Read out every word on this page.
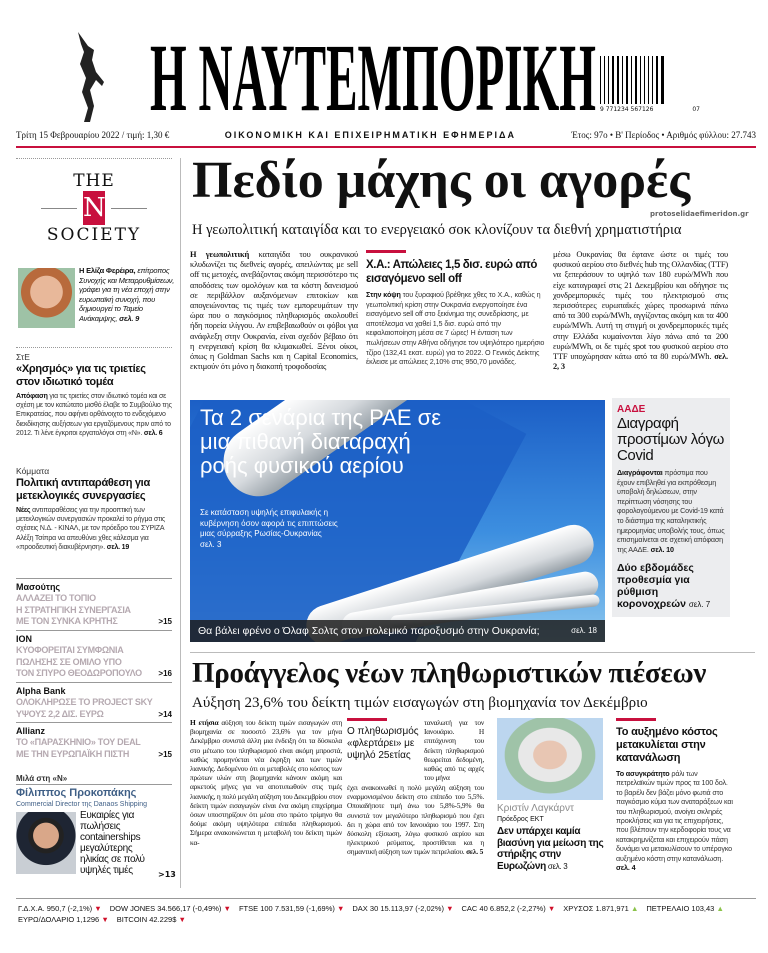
Η ΝΑΥΤΕΜΠΟΡΙΚΗ 9 771234 567126	07
Τρίτη 15 Φεβρουαρίου 2022 / τιμή: 1,30 €	ΟΙΚΟΝΟΜΙΚΗ ΚΑΙ ΕΠΙΧΕΙΡΗΜΑΤΙΚΗ ΕΦΗΜΕΡΙΔΑ	Έτος: 97ο • Β' Περίοδος • Αριθμός φύλλου: 27.743
THE
N
SOCIETY
Η Ελίζα Φερέιρα, επίτροπος Συνοχής και Μεταρρυθμίσεων, γράφει για τη νέα εποχή στην ευρωπαϊκή συνοχή, που δημιουργεί το Ταμείο Ανάκαμψης, σελ. 9
ΣτΕ
«Χρησμός» για τις τριετίες στον ιδιωτικό τομέα
Απόφαση για τις τριετίες στον ιδιωτικό τομέα και σε σχέση με τον κατώτατο μισθό έλαβε το Συμβούλιο της Επικρατείας, που αφήνει ορθάνοιχτο το ενδεχόμενο διεκδίκησης αυξήσεων για εργαζόμενους πριν από το 2012. Τι λένε έγκριτοι εργατολόγοι στη «Ν». σελ. 6
Κόμματα
Πολιτική αντιπαράθεση για μετεκλογικές συνεργασίες
Νέες αντιπαραθέσεις για την προοπτική των μετεκλογικών συνεργασιών προκαλεί το ρήγμα στις σχέσεις Ν.Δ. - ΚΙΝΑΛ, με τον πρόεδρο του ΣΥΡΙΖΑ Αλέξη Τσίπρα να απευθύνει χθες κάλεσμα για «προοδευτική διακυβέρνηση». σελ. 19
Μασούτης
ΑΛΛΑΖΕΙ ΤΟ ΤΟΠΙΟ
Η ΣΤΡΑΤΗΓΙΚΗ ΣΥΝΕΡΓΑΣΙΑ
ΜΕ ΤΟΝ ΣΥΝΚΑ ΚΡΗΤΗΣ	>15
ΙΟΝ
ΚΥΟΦΟΡΕΙΤΑΙ ΣΥΜΦΩΝΙΑ
ΠΩΛΗΣΗΣ ΣΕ ΟΜΙΛΟ ΥΠΟ
ΤΟΝ ΣΠΥΡΟ ΘΕΟΔΩΡΟΠΟΥΛΟ >16
Alpha Bank
ΟΛΟΚΛΗΡΩΣΕ ΤΟ PROJECT SKY
ΥΨΟΥΣ 2,2 ΔΙΣ. ΕΥΡΩ	>14
Allianz
ΤΟ «ΠΑΡΑΣΚΗΝΙΟ» ΤΟΥ DEAL
ΜΕ ΤΗΝ ΕΥΡΩΠΑΪΚΗ ΠΙΣΤΗ	>15
Μιλά στη «Ν»
Φίλιππος Προκοπάκης
Commercial Director της Danaos Shipping
Ευκαιρίες για πωλήσεις containerships μεγαλύτερης ηλικίας σε πολύ υψηλές τιμές	>13
Πεδίο μάχης οι αγορές
protoselidaefimeridon.gr
Η γεωπολιτική καταιγίδα και το ενεργειακό σοκ κλονίζουν τα διεθνή χρηματιστήρια
Η γεωπολιτική καταιγίδα του ουκρανικού κλυδωνίζει τις διεθνείς αγορές, απειλώντας με sell off τις μετοχές, ανεβάζοντας ακόμη περισσότερο τις αποδόσεις των ομολόγων και τα κόστη δανεισμού σε περιβάλλον αυξανόμενων επιτοκίων και απογειώνοντας τις τιμές των εμπορευμάτων την ώρα που ο παγκόσμιος πληθωρισμός ακολουθεί ήδη πορεία ιλίγγου. Αν επιβεβαιωθούν οι φόβοι για ανάφλεξη στην Ουκρανία, είναι σχεδόν βέβαιο ότι η ενεργειακή κρίση θα κλιμακωθεί. Ξένοι οίκοι, όπως η Goldman Sachs και η Capital Economics, εκτιμούν ότι μόνο η διακοπή τροφοδοσίας
Χ.Α.: Απώλειες 1,5 δισ. ευρώ από εισαγόμενο sell off
Στην κόψη του ξυραφιού βρέθηκε χθες το Χ.Α., καθώς η γεωπολιτική κρίση στην Ουκρανία ενεργοποίησε ένα εισαγόμενο sell off στο ξεκίνημα της συνεδρίασης, με αποτέλεσμα να χαθεί 1,5 δισ. ευρώ από την κεφαλαιοποίηση μέσα σε 7 ώρες! Η ένταση των πωλήσεων στην Αθήνα οδήγησε τον υψηλότερο ημερήσιο τζίρο (132,41 εκατ. ευρώ) για το 2022. Ο Γενικός Δείκτης έκλεισε με απώλειες 2,10% στις 950,70 μονάδες.
μέσω Ουκρανίας θα έφτανε ώστε οι τιμές του φυσικού αερίου στο διεθνές hub της Ολλανδίας (TTF) να ξεπεράσουν το υψηλό των 180 ευρώ/MWh που είχε καταγραφεί στις 21 Δεκεμβρίου και οδήγησε τις χονδρεμπορικές τιμές του ηλεκτρισμού στις περισσότερες ευρωπαϊκές χώρες προσωρινά πάνω από τα 300 ευρώ/MWh, αγγίζοντας ακόμη και τα 400 ευρώ/MWh. Αυτή τη στιγμή οι χονδρεμπορικές τιμές στην Ελλάδα κυμαίνονται λίγο πάνω από τα 200 ευρώ/MWh, οι δε τιμές spot του φυσικού αερίου στο TTF υποχώρησαν κάτω από τα 80 ευρώ/MWh. σελ. 2, 3
Τα 2 σενάρια της ΡΑΕ σε μια πιθανή διαταραχή ροής φυσικού αερίου
Σε κατάσταση υψηλής επιφυλακής η κυβέρνηση όσον αφορά τις επιπτώσεις μιας σύρραξης Ρωσίας-Ουκρανίας
σελ. 3
Θα βάλει φρένο ο Όλαφ Σολτς στον πολεμικό παροξυσμό στην Ουκρανία;	σελ. 18
ΑΑΔΕ
Διαγραφή προστίμων λόγω Covid
Διαγράφονται πρόστιμα που έχουν επιβληθεί για εκπρόθεσμη υποβολή δηλώσεων, στην περίπτωση νόσησης του φορολογούμενου με Covid-19 κατά το διάστημα της καταληκτικής ημερομηνίας υποβολής τους, όπως επισημαίνεται σε σχετική απόφαση της ΑΑΔΕ. σελ. 10
Δύο εβδομάδες προθεσμία για ρύθμιση κορονοχρεών σελ. 7
Προάγγελος νέων πληθωριστικών πιέσεων
Αύξηση 23,6% του δείκτη τιμών εισαγωγών στη βιομηχανία τον Δεκέμβριο
Η ετήσια αύξηση του δείκτη τιμών εισαγωγών στη βιομηχανία σε ποσοστό 23,6% για τον μήνα Δεκέμβριο συνιστά άλλη μια ένδειξη ότι τα δύσκολα στο μέτωπο του πληθωρισμού είναι ακόμη μπροστά, καθώς προμηνύεται νέα έκρηξη και των τιμών λιανικής. Δεδομένου ότι οι μεταβολές στο κόστος των πρώτων υλών στη βιομηχανία κάνουν ακόμη και αρκετούς μήνες για να αποτυπωθούν στις τιμές λιανικής, η πολύ μεγάλη αύξηση του Δεκεμβρίου στον δείκτη τιμών εισαγωγών είναι ένα ακόμη επιχείρημα όσων υποστηρίζουν ότι μέσα στο πρώτο τρίμηνο θα δούμε ακόμη υψηλότερα επίπεδα πληθωρισμού. Σήμερα ανακοινώνεται η μεταβολή του δείκτη τιμών κα-
Ο πληθωρισμός «φλερτάρει» με υψηλό 25ετίας
ταναλωτή για τον Ιανουάριο. Η επιτάχυνση του δείκτη πληθωρισμού θεωρείται δεδομένη, καθώς από τις αρχές του μήνα
έχει ανακοινωθεί η πολύ μεγάλη αύξηση του εναρμονισμένου δείκτη στο επίπεδο του 5,5%. Οποιαδήποτε τιμή άνω του 5,8%-5,9% θα συνιστά τον μεγαλύτερο πληθωρισμό που έχει δει η χώρα από τον Ιανουάριο του 1997. Στη δύσκολη εξίσωση, λόγω φυσικού αερίου και ηλεκτρικού ρεύματος, προστίθεται και η σημαντική αύξηση των τιμών πετρελαίου. σελ. 5
Κριστίν Λαγκάρντ
Πρόεδρος ΕΚΤ
Δεν υπάρχει καμία βιασύνη για μείωση της στήριξης στην Ευρωζώνη σελ. 3
Το αυξημένο κόστος μετακυλίεται στην κατανάλωση
Το ασυγκράτητο ράλι των πετρελαϊκών τιμών προς τα 100 δολ. το βαρέλι δεν βάζει μόνο φωτιά στο παγκόσμιο κύμα των αναταράξεων και του πληθωρισμού, ανοίγει σκληρές προκλήσεις και για τις επιχειρήσεις, που βλέπουν την κερδοφορία τους να κατακρημνίζεται και επιχειρούν πάση δυνάμει να μετακυλίσουν το υπέρογκο αυξημένο κόστη στην κατανάλωση. σελ. 4
Γ.Δ.Χ.Α. 950,7 (-2,1%) ▼ DOW JONES 34.566,17 (-0,49%) ▼ FTSE 100 7.531,59 (-1,69%) ▼ DAX 30 15.113,97 (-2,02%) ▼ CAC 40 6.852,2 (-2,27%) ▼ ΧΡΥΣΟΣ 1.871,971 ▲ ΠΕΤΡΕΛΑΙΟ 103,43 ▲
ΕΥΡΩ/ΔΟΛΑΡΙΟ 1,1296 ▼ BITCOIN 42.229$ ▼
